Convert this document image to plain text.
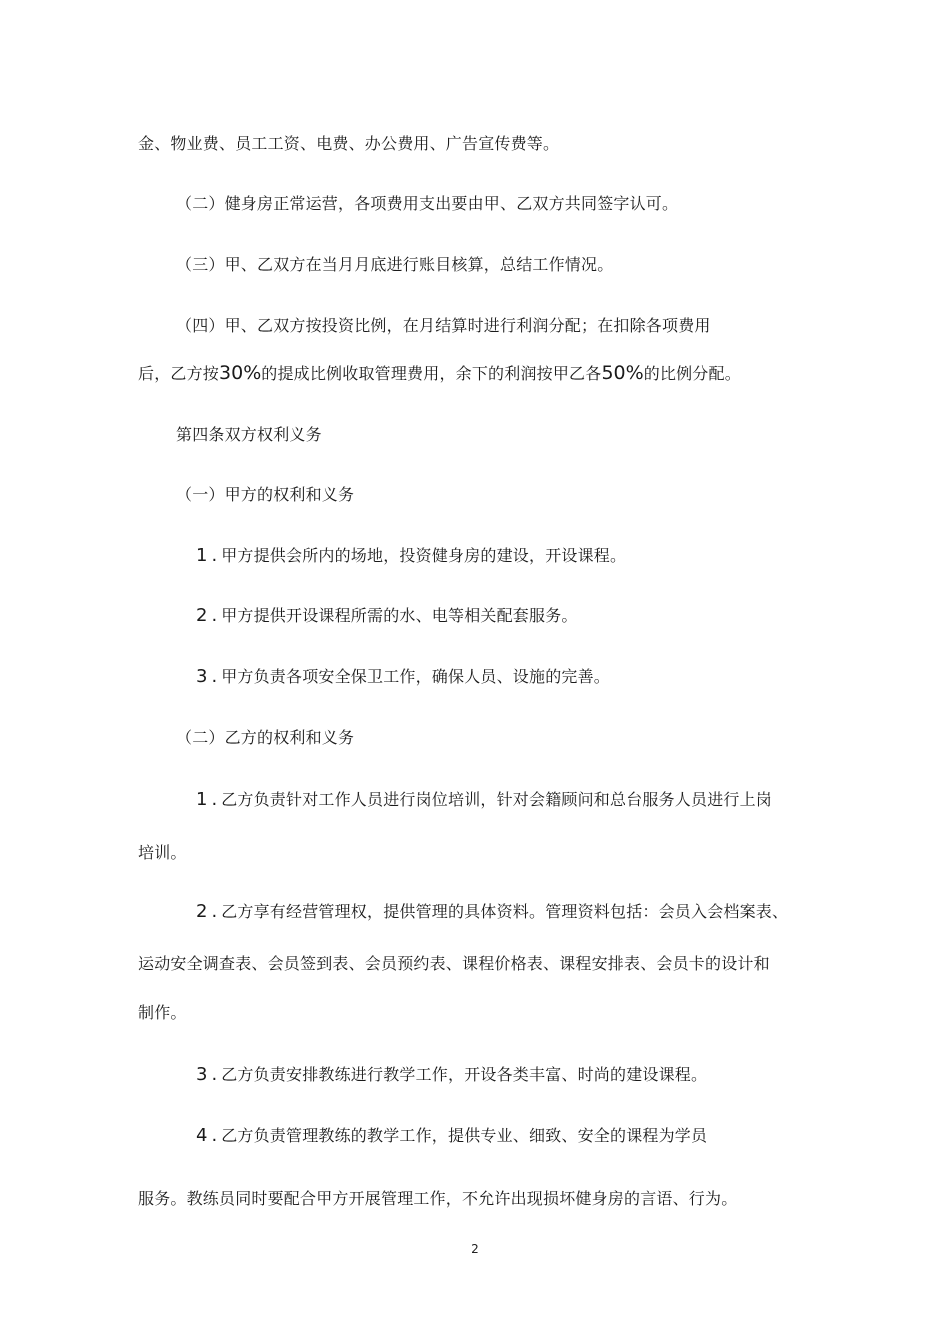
金、物业费、员工工资、电费、办公费用、广告宣传费等。
（二）健身房正常运营，各项费用支出要由甲、乙双方共同签字认可。
（三）甲、乙双方在当月月底进行账目核算，总结工作情况。
（四）甲、乙双方按投资比例，在月结算时进行利润分配；在扣除各项费用
后，乙方按30%的提成比例收取管理费用，余下的利润按甲乙各50%的比例分配。
第四条双方权利义务
（一）甲方的权利和义务
1.甲方提供会所内的场地，投资健身房的建设，开设课程。
2.甲方提供开设课程所需的水、电等相关配套服务。
3.甲方负责各项安全保卫工作，确保人员、设施的完善。
（二）乙方的权利和义务
1.乙方负责针对工作人员进行岗位培训，针对会籍顾问和总台服务人员进行上岗
培训。
2.乙方享有经营管理权，提供管理的具体资料。管理资料包括：会员入会档案表、
运动安全调查表、会员签到表、会员预约表、课程价格表、课程安排表、会员卡的设计和
制作。
3.乙方负责安排教练进行教学工作，开设各类丰富、时尚的建设课程。
4.乙方负责管理教练的教学工作，提供专业、细致、安全的课程为学员
服务。教练员同时要配合甲方开展管理工作，不允许出现损坏健身房的言语、行为。
2
